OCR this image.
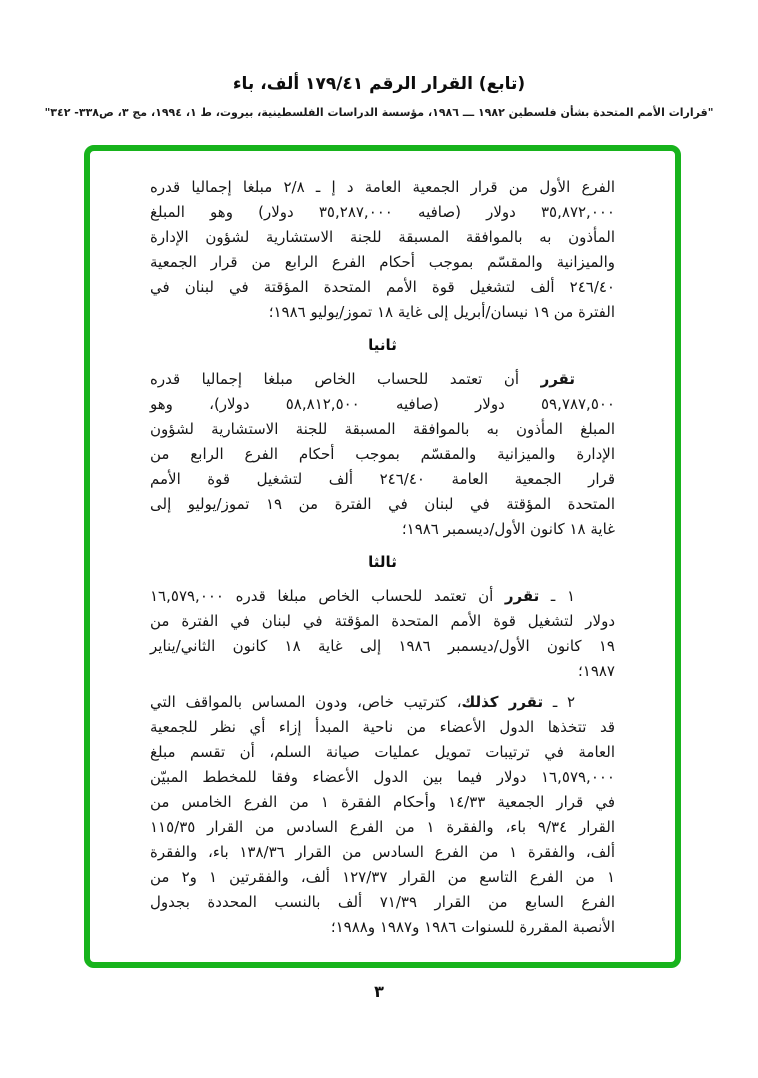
(تابع) القرار الرقم ١٧٩/٤١ ألف، باء
"قرارات الأمم المتحدة بشأن فلسطين ١٩٨٢ ـــ ١٩٨٦، مؤسسة الدراسات الفلسطينية، بيروت، ط ١، ١٩٩٤، مج ٣، ص٣٣٨- ٣٤٢"
الفرع الأول من قرار الجمعية العامة د إ ـ ٢/٨ مبلغا إجماليا قدره
٣٥,٨٧٢,٠٠٠ دولار (صافيه ٣٥,٢٨٧,٠٠٠ دولار) وهو المبلغ
المأذون به بالموافقة المسبقة للجنة الاستشارية لشؤون الإدارة
والميزانية والمقسّم بموجب أحكام الفرع الرابع من قرار الجمعية
٢٤٦/٤٠ ألف لتشغيل قوة الأمم المتحدة المؤقتة في لبنان في
الفترة من ١٩ نيسان/أبريل إلى غاية ١٨ تموز/يوليو ١٩٨٦؛
ثانيا
تقرر أن تعتمد للحساب الخاص مبلغا إجماليا قدره
٥٩,٧٨٧,٥٠٠ دولار (صافيه ٥٨,٨١٢,٥٠٠ دولار)، وهو
المبلغ المأذون به بالموافقة المسبقة للجنة الاستشارية لشؤون
الإدارة والميزانية والمقسّم بموجب أحكام الفرع الرابع من
قرار الجمعية العامة ٢٤٦/٤٠ ألف لتشغيل قوة الأمم
المتحدة المؤقتة في لبنان في الفترة من ١٩ تموز/يوليو إلى
غاية ١٨ كانون الأول/ديسمبر ١٩٨٦؛
ثالثا
١ ـ تقرر أن تعتمد للحساب الخاص مبلغا قدره ١٦,٥٧٩,٠٠٠
دولار لتشغيل قوة الأمم المتحدة المؤقتة في لبنان في الفترة من
١٩ كانون الأول/ديسمبر ١٩٨٦ إلى غاية ١٨ كانون الثاني/يناير
١٩٨٧؛
٢ ـ تقرر كذلك، كترتيب خاص، ودون المساس بالمواقف التي
قد تتخذها الدول الأعضاء من ناحية المبدأ إزاء أي نظر للجمعية
العامة في ترتيبات تمويل عمليات صيانة السلم، أن تقسم مبلغ
١٦,٥٧٩,٠٠٠ دولار فيما بين الدول الأعضاء وفقا للمخطط المبيّن
في قرار الجمعية ١٤/٣٣ وأحكام الفقرة ١ من الفرع الخامس من
القرار ٩/٣٤ باء، والفقرة ١ من الفرع السادس من القرار ١١٥/٣٥
ألف، والفقرة ١ من الفرع السادس من القرار ١٣٨/٣٦ باء، والفقرة
١ من الفرع التاسع من القرار ١٢٧/٣٧ ألف، والفقرتين ١ و٢ من
الفرع السابع من القرار ٧١/٣٩ ألف بالنسب المحددة بجدول
الأنصبة المقررة للسنوات ١٩٨٦ و١٩٨٧ و١٩٨٨؛
٣
